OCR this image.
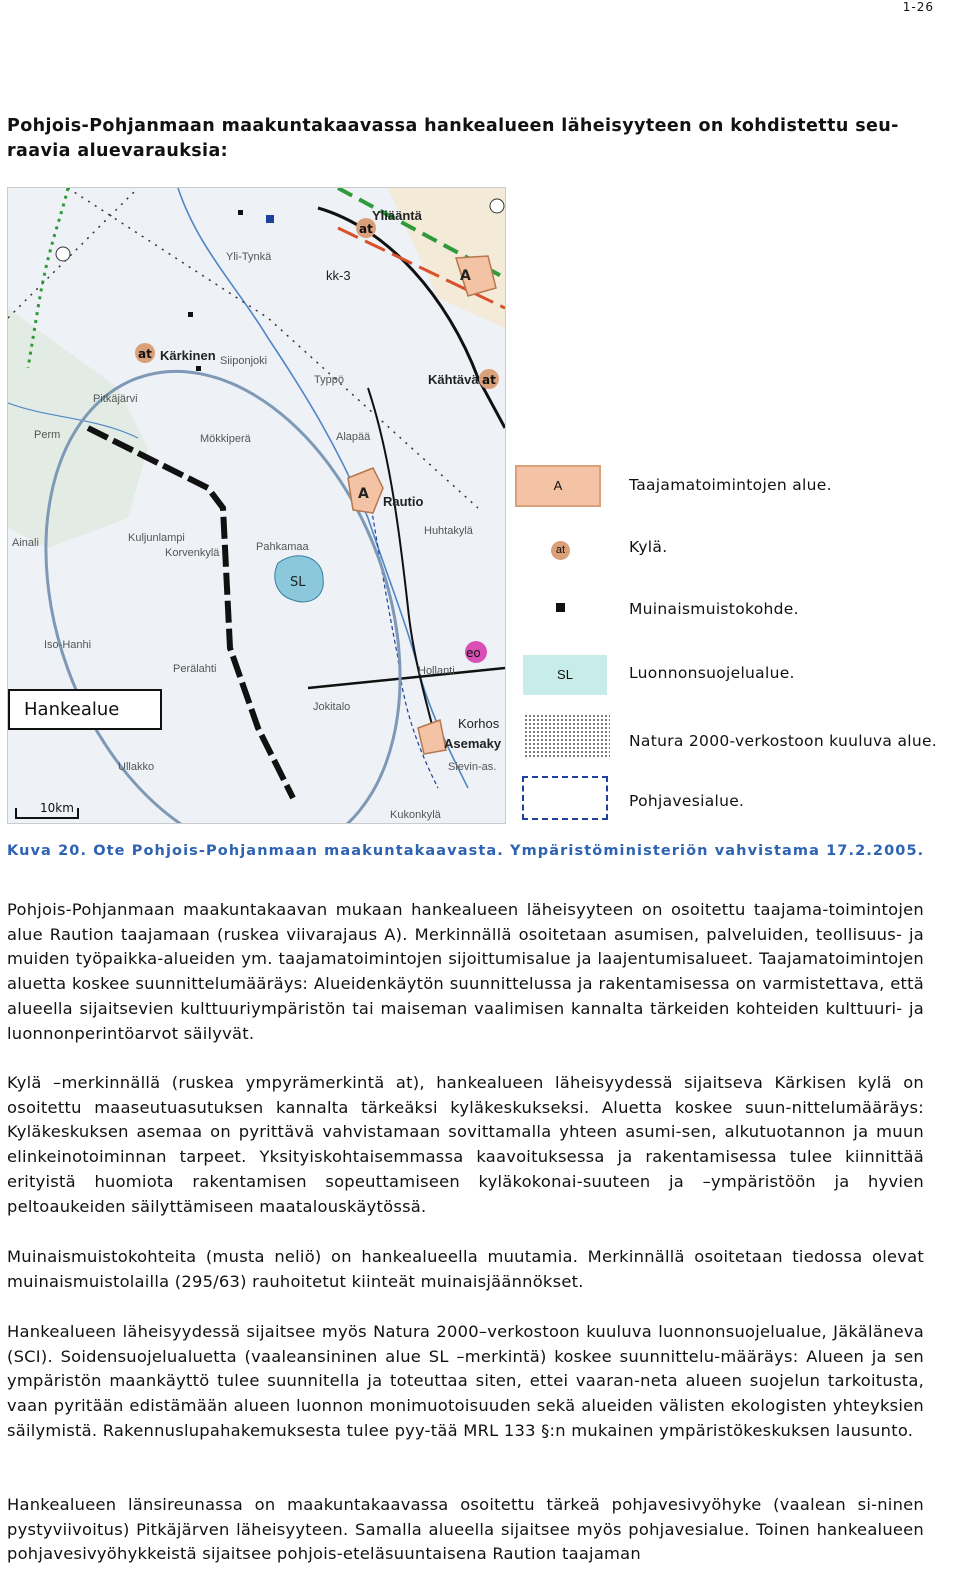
1-26
Pohjois-Pohjanmaan maakuntakaavassa hankealueen läheisyyteen on kohdistettu seu-raavia aluevarauksia:
SL
A
A
at
at
at
eo
Yliääntä
kk-3
Yli-Tynkä
Kärkinen Siiponjoki
Typpö	Kähtävä
Pitkäjärvi
Perm	Mökkiperä	Alapää
Rautio
Ainali	Pahkamaa
Korvenkylä
Kuljunlampi
Huhtakylä
Iso-Hanhi
Perälahti	Hollanti
Jokitalo
Korhos
Asemaky
Sievin-as.
Ullakko
Kukonkylä
10km
Hankealue
A	Taajamatoimintojen alue.
at	Kylä.
Muinaismuistokohde.
SL	Luonnonsuojelualue.
Natura 2000-verkostoon kuuluva alue.
Pohjavesialue.
Kuva 20. Ote Pohjois-Pohjanmaan maakuntakaavasta. Ympäristöministeriön vahvistama 17.2.2005.
Pohjois-Pohjanmaan maakuntakaavan mukaan hankealueen läheisyyteen on osoitettu taajama-toimintojen alue Raution taajamaan (ruskea viivarajaus A). Merkinnällä osoitetaan asumisen, palveluiden, teollisuus- ja muiden työpaikka-alueiden ym. taajamatoimintojen sijoittumisalue ja laajentumisalueet. Taajamatoimintojen aluetta koskee suunnittelumääräys: Alueidenkäytön suunnittelussa ja rakentamisessa on varmistettava, että alueella sijaitsevien kulttuuriympäristön tai maiseman vaalimisen kannalta tärkeiden kohteiden kulttuuri- ja luonnonperintöarvot säilyvät.
Kylä –merkinnällä (ruskea ympyrämerkintä at), hankealueen läheisyydessä sijaitseva Kärkisen kylä on osoitettu maaseutuasutuksen kannalta tärkeäksi kyläkeskukseksi. Aluetta koskee suun-nittelumääräys: Kyläkeskuksen asemaa on pyrittävä vahvistamaan sovittamalla yhteen asumi-sen, alkutuotannon ja muun elinkeinotoiminnan tarpeet. Yksityiskohtaisemmassa kaavoituksessa ja rakentamisessa tulee kiinnittää erityistä huomiota rakentamisen sopeuttamiseen kyläkokonai-suuteen ja –ympäristöön ja hyvien peltoaukeiden säilyttämiseen maatalouskäytössä.
Muinaismuistokohteita (musta neliö) on hankealueella muutamia. Merkinnällä osoitetaan tiedossa olevat muinaismuistolailla (295/63) rauhoitetut kiinteät muinaisjäännökset.
Hankealueen läheisyydessä sijaitsee myös Natura 2000–verkostoon kuuluva luonnonsuojelualue, Jäkäläneva (SCI). Soidensuojelualuetta (vaaleansininen alue SL –merkintä) koskee suunnittelu-määräys: Alueen ja sen ympäristön maankäyttö tulee suunnitella ja toteuttaa siten, ettei vaaran-neta alueen suojelun tarkoitusta, vaan pyritään edistämään alueen luonnon monimuotoisuuden sekä alueiden välisten ekologisten yhteyksien säilymistä. Rakennuslupahakemuksesta tulee pyy-tää MRL 133 §:n mukainen ympäristökeskuksen lausunto.
Hankealueen länsireunassa on maakuntakaavassa osoitettu tärkeä pohjavesivyöhyke (vaalean si-ninen pystyviivoitus) Pitkäjärven läheisyyteen. Samalla alueella sijaitsee myös pohjavesialue. Toinen hankealueen pohjavesivyöhykkeistä sijaitsee pohjois-eteläsuuntaisena Raution taajaman
